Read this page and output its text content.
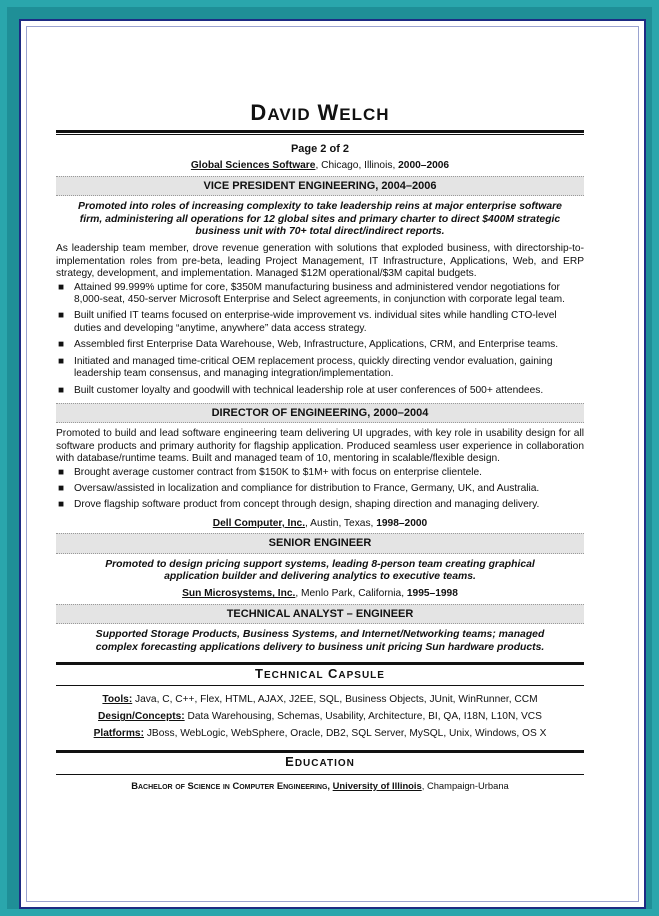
DAVID WELCH
Page 2 of 2
Global Sciences Software, Chicago, Illinois, 2000–2006
VICE PRESIDENT ENGINEERING, 2004–2006
Promoted into roles of increasing complexity to take leadership reins at major enterprise software firm, administering all operations for 12 global sites and primary charter to direct $400M strategic business unit with 70+ total direct/indirect reports.
As leadership team member, drove revenue generation with solutions that exploded business, with directorship-to-implementation roles from pre-beta, leading Project Management, IT Infrastructure, Applications, Web, and ERP strategy, development, and implementation. Managed $12M operational/$3M capital budgets.
■ Attained 99.999% uptime for core, $350M manufacturing business and administered vendor negotiations for 8,000-seat, 450-server Microsoft Enterprise and Select agreements, in conjunction with corporate legal team.
■ Built unified IT teams focused on enterprise-wide improvement vs. individual sites while handling CTO-level duties and developing “anytime, anywhere” data access strategy.
■ Assembled first Enterprise Data Warehouse, Web, Infrastructure, Applications, CRM, and Enterprise teams.
■ Initiated and managed time-critical OEM replacement process, quickly directing vendor evaluation, gaining leadership team consensus, and managing integration/implementation.
■ Built customer loyalty and goodwill with technical leadership role at user conferences of 500+ attendees.
DIRECTOR OF ENGINEERING, 2000–2004
Promoted to build and lead software engineering team delivering UI upgrades, with key role in usability design for all software products and primary authority for flagship application. Produced seamless user experience in collaboration with database/runtime teams. Built and managed team of 10, mentoring in scalable/flexible design.
■ Brought average customer contract from $150K to $1M+ with focus on enterprise clientele.
■ Oversaw/assisted in localization and compliance for distribution to France, Germany, UK, and Australia.
■ Drove flagship software product from concept through design, shaping direction and managing delivery.
Dell Computer, Inc., Austin, Texas, 1998–2000
SENIOR ENGINEER
Promoted to design pricing support systems, leading 8-person team creating graphical application builder and delivering analytics to executive teams.
Sun Microsystems, Inc., Menlo Park, California, 1995–1998
TECHNICAL ANALYST – ENGINEER
Supported Storage Products, Business Systems, and Internet/Networking teams; managed complex forecasting applications delivery to business unit pricing Sun hardware products.
TECHNICAL CAPSULE
Tools: Java, C, C++, Flex, HTML, AJAX, J2EE, SQL, Business Objects, JUnit, WinRunner, CCM
Design/Concepts: Data Warehousing, Schemas, Usability, Architecture, BI, QA, I18N, L10N, VCS
Platforms: JBoss, WebLogic, WebSphere, Oracle, DB2, SQL Server, MySQL, Unix, Windows, OS X
EDUCATION
Bachelor of Science in Computer Engineering, University of Illinois, Champaign-Urbana
